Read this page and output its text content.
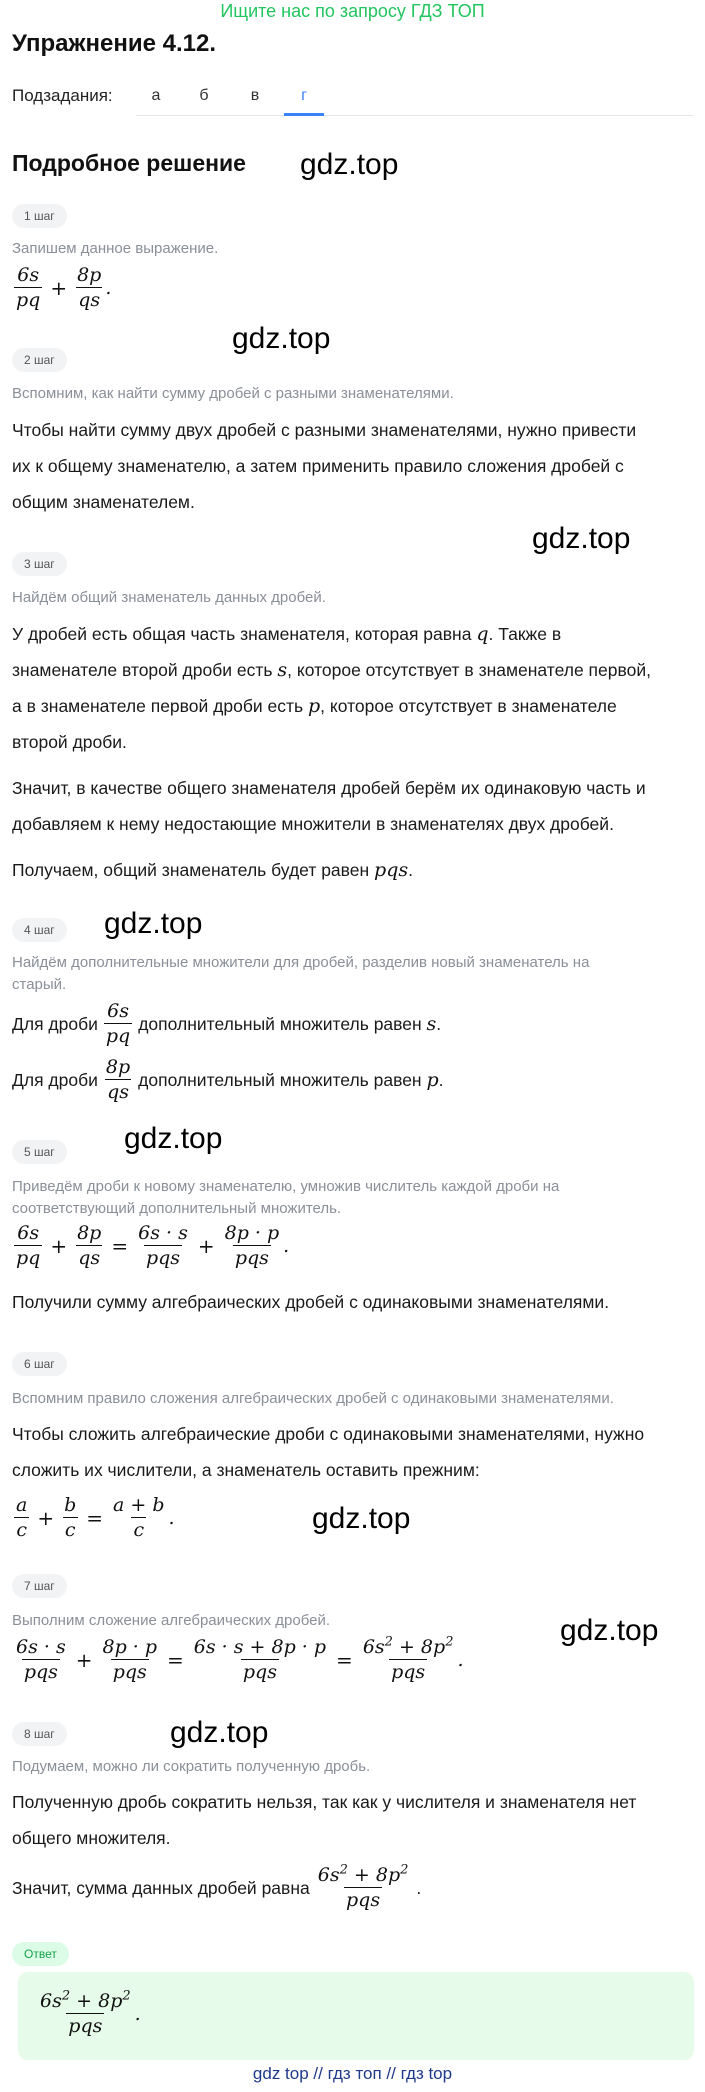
Ищите нас по запросу ГДЗ ТОП
Упражнение 4.12.
Подзадания:	а	б	в	г
Подробное решение gdz.top
1 шаг
Запишем данное выражение.
$\frac{6s}{pq} + \frac{8p}{qs}$ .
gdz.top
2 шаг
Вспомним, как найти сумму дробей с разными знаменателями.
Чтобы найти сумму двух дробей с разными знаменателями, нужно привести
их к общему знаменателю, а затем применить правило сложения дробей с
общим знаменателем.
gdz.top
3 шаг
Найдём общий знаменатель данных дробей.
У дробей есть общая часть знаменателя, которая равна q. Также в
знаменателе второй дроби есть s, которое отсутствует в знаменателе первой,
а в знаменателе первой дроби есть p, которое отсутствует в знаменателе
второй дроби.
Значит, в качестве общего знаменателя дробей берём их одинаковую часть и
добавляем к нему недостающие множители в знаменателях двух дробей.
Получаем, общий знаменатель будет равен pqs.
4 шаг	gdz.top
Найдём дополнительные множители для дробей, разделив новый знаменатель на
старый.
Для дроби $\frac{6s}{pq}$ дополнительный множитель равен
s .
Для дроби $\frac{8p}{qs}$ дополнительный множитель равен
p .
gdz.top
5 шаг
Приведём дроби к новому знаменателю, умножив числитель каждой дроби на
соответствующий дополнительный множитель.
$\frac{6s}{pq} + \frac{8p}{qs} = \frac{6s \cdot s}{\text{pqs}} + \frac{8p \cdot p}{\text{pqs}}$ .
Получили сумму алгебраических дробей с одинаковыми знаменателями.
6 шаг
Вспомним правило сложения алгебраических дробей с одинаковыми знаменателями.
Чтобы сложить алгебраические дроби с одинаковыми знаменателями, нужно
сложить их числители, а знаменатель оставить прежним:
$\frac{a}{c} + \frac{b}{c} = \frac{a + b}{c}$ .	gdz.top
7 шаг
Выполним сложение алгебраических дробей.	gdz.top
$\frac{6s \cdot s}{\text{pqs}} + \frac{8p \cdot p}{\text{pqs}} = \frac{6s \cdot s + 8p \cdot p}{\text{pqs}} = \frac{6s^2 + 8p^2}{\text{pqs}}$ .
8 шаг	gdz.top
Подумаем, можно ли сократить полученную дробь.
Полученную дробь сократить нельзя, так как у числителя и знаменателя нет
общего множителя.
Значит, сумма данных дробей равна $\frac{6s^2 + 8p^2}{\text{pqs}}$ .
Ответ
$\frac{6s^2 + 8p^2}{\text{pqs}}$ .
gdz top // гдз топ // гдз top
